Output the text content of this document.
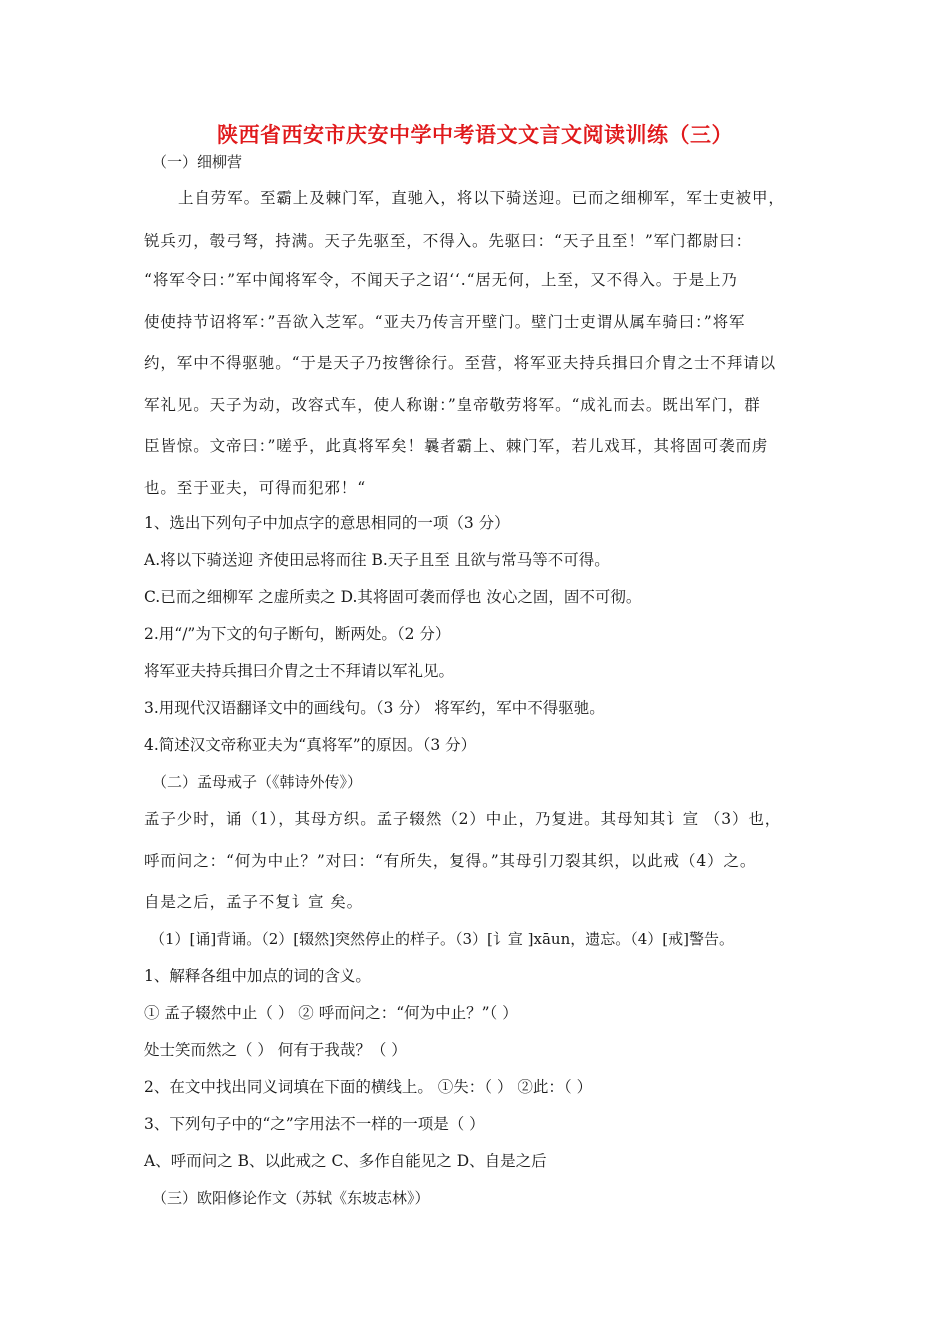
陕西省西安市庆安中学中考语文文言文阅读训练（三）
（一）细柳营
上自劳军。至霸上及棘门军，直驰入，将以下骑送迎。已而之细柳军，军士吏被甲，
锐兵刃，彀弓弩，持满。天子先驱至，不得入。先驱曰：“天子且至！”军门都尉曰：
“将军令曰：”军中闻将军令，不闻天子之诏‘‘.“居无何，上至，又不得入。于是上乃
使使持节诏将军：”吾欲入芝军。“亚夫乃传言开壁门。壁门士吏谓从属车骑曰：”将军
约，军中不得驱驰。“于是天子乃按辔徐行。至营，将军亚夫持兵揖曰介胄之士不拜请以
军礼见。天子为动，改容式车，使人称谢：”皇帝敬劳将军。“成礼而去。既出军门，群
臣皆惊。文帝曰：”嗟乎，此真将军矣！曩者霸上、棘门军，若儿戏耳，其将固可袭而虏
也。至于亚夫，可得而犯邪！“
1、选出下列句子中加点字的意思相同的一项（3 分）
A.将以下骑送迎 齐使田忌将而往 B.天子且至 且欲与常马等不可得。
C.已而之细柳军 之虚所卖之 D.其将固可袭而俘也 汝心之固，固不可彻。
2.用“/”为下文的句子断句，断两处。（2 分）
将军亚夫持兵揖曰介胄之士不拜请以军礼见。
3.用现代汉语翻译文中的画线句。（3 分） 将军约，军中不得驱驰。
4.简述汉文帝称亚夫为“真将军”的原因。（3 分）
（二）孟母戒子（《韩诗外传》）
孟子少时，诵（1），其母方织。孟子辍然（2）中止，乃复进。其母知其讠宣 （3）也，
呼而问之：“何为中止？”对曰：“有所失，复得。”其母引刀裂其织，以此戒（4）之。
自是之后，孟子不复讠宣 矣。
（1）[诵]背诵。（2）[辍然]突然停止的样子。（3）[讠宣 ]xāun，遗忘。（4）[戒]警告。
1、解释各组中加点的词的含义。
① 孟子辍然中止（ ） ② 呼而问之：“何为中止？”（ ）
处士笑而然之（ ） 何有于我哉？（ ）
2、在文中找出同义词填在下面的横线上。 ①失：（ ） ②此：（ ）
3、下列句子中的“之”字用法不一样的一项是（ ）
A、呼而问之 B、以此戒之 C、多作自能见之 D、自是之后
（三）欧阳修论作文（苏轼《东坡志林》）
